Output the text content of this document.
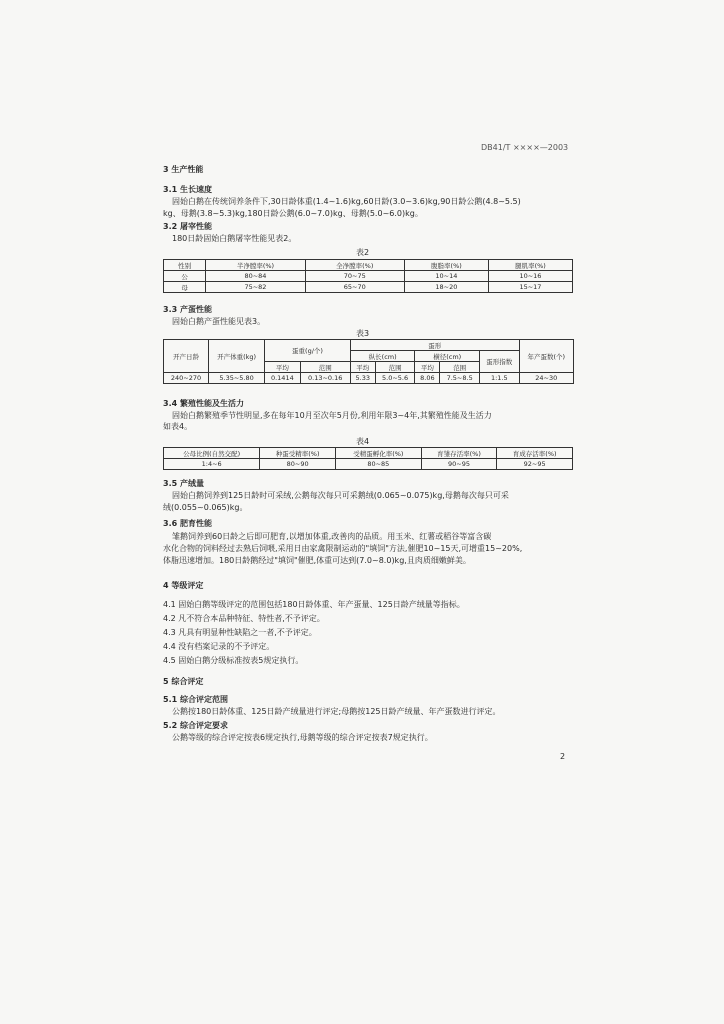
DB41/T ××××—2003
3 生产性能
3.1 生长速度
固始白鹅在传统饲养条件下,30日龄体重(1.4~1.6)kg,60日龄(3.0~3.6)kg,90日龄公鹅(4.8~5.5)
kg、母鹅(3.8~5.3)kg,180日龄公鹅(6.0~7.0)kg、母鹅(5.0~6.0)kg。
3.2 屠宰性能
180日龄固始白鹅屠宰性能见表2。
表2
性别	半净膛率(%)	全净膛率(%)	腹脂率(%)	腿肌率(%)
公	80~84	70~75	10~14	10~16
母	75~82	65~70	18~20	15~17
3.3 产蛋性能
固始白鹅产蛋性能见表3。
表3
开产日龄	开产体重(kg)	蛋重(g/个)		蛋形					年产蛋数(个)
				纵长(cm)		横径(cm)		蛋形指数	
		平均	范围	平均	范围	平均	范围		
240~270	5.35~5.80	0.1414	0.13~0.16	5.33	5.0~5.6	8.06	7.5~8.5	1:1.5	24~30
3.4 繁殖性能及生活力
固始白鹅繁殖季节性明显,多在每年10月至次年5月份,利用年限3~4年,其繁殖性能及生活力
如表4。
表4
公母比例(自然交配)	种蛋受精率(%)	受精蛋孵化率(%)	育雏存活率(%)	育成存活率(%)
1:4~6	80~90	80~85	90~95	92~95
3.5 产绒量
固始白鹅饲养到125日龄时可采绒,公鹅每次每只可采鹅绒(0.065~0.075)kg,母鹅每次每只可采
绒(0.055~0.065)kg。
3.6 肥育性能
雏鹅饲养到60日龄之后即可肥育,以增加体重,改善肉的品质。用玉米、红薯或稻谷等富含碳
水化合物的饲料经过去熟后饲喂,采用日由家禽限制运动的"填饲"方法,催肥10~15天,可增重15~20%,
体脂迅速增加。180日龄鹅经过"填饲"催肥,体重可达到(7.0~8.0)kg,且肉质细嫩鲜美。
4 等级评定
4.1 固始白鹅等级评定的范围包括180日龄体重、年产蛋量、125日龄产绒量等指标。
4.2 凡不符合本品种特征、特性者,不予评定。
4.3 凡具有明显种性缺陷之一者,不予评定。
4.4 没有档案记录的不予评定。
4.5 固始白鹅分级标准按表5规定执行。
5 综合评定
5.1 综合评定范围
公鹅按180日龄体重、125日龄产绒量进行评定;母鹅按125日龄产绒量、年产蛋数进行评定。
5.2 综合评定要求
公鹅等级的综合评定按表6规定执行,母鹅等级的综合评定按表7规定执行。
2
